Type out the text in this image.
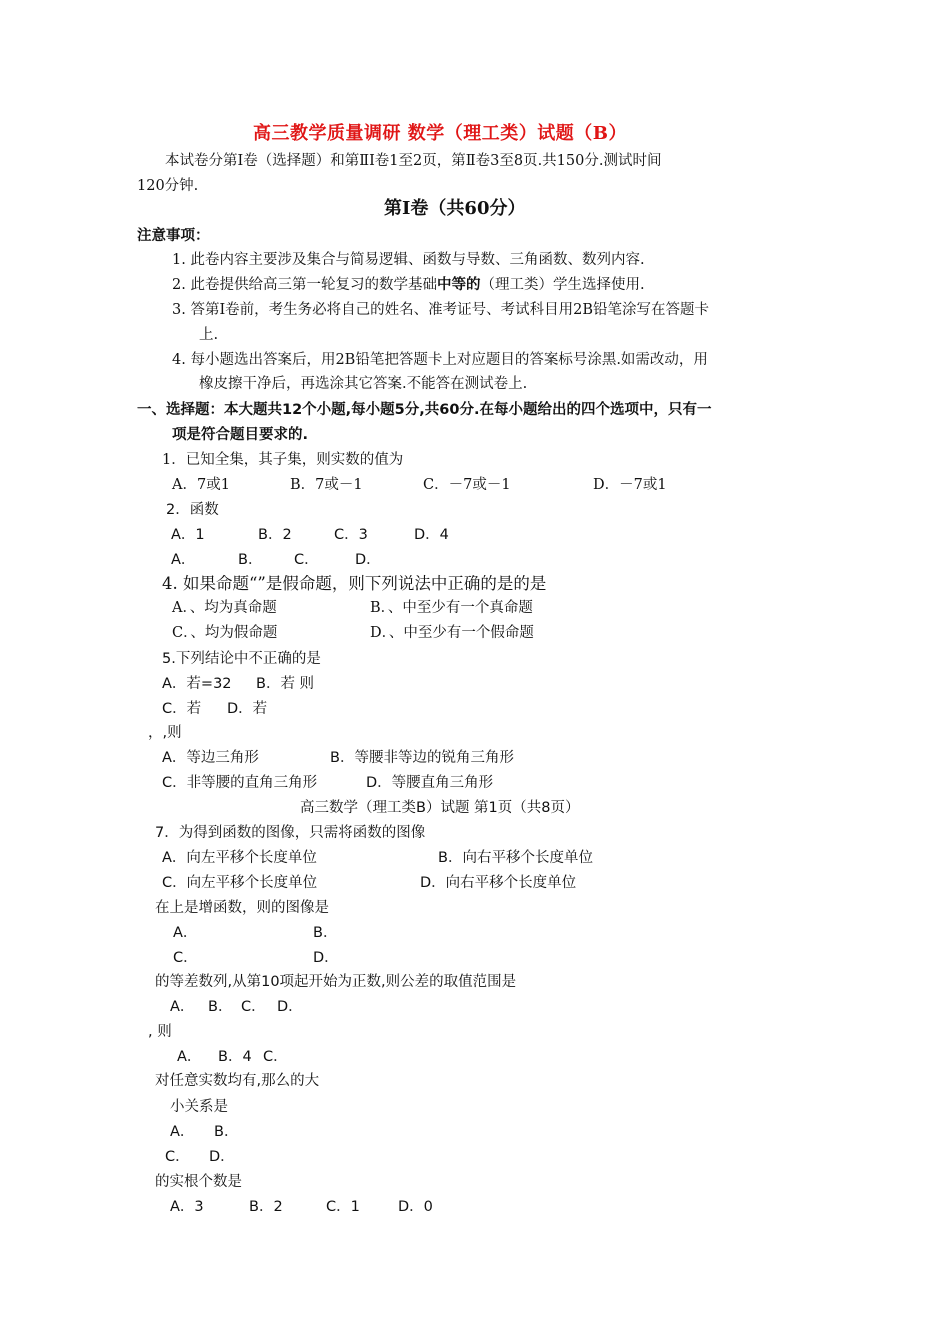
高三教学质量调研 数学（理工类）试题（B）
本试卷分第Ⅰ卷（选择题）和第ⅡⅠ卷1至2页，第Ⅱ卷3至8页.共150分.测试时间
120分钟.
第Ⅰ卷（共60分）
注意事项：
1. 此卷内容主要涉及集合与简易逻辑、函数与导数、三角函数、数列内容.
2. 此卷提供给高三第一轮复习的数学基础中等的（理工类）学生选择使用.
3. 答第Ⅰ卷前，考生务必将自己的姓名、准考证号、考试科目用2B铅笔涂写在答题卡
上.
4. 每小题选出答案后，用2B铅笔把答题卡上对应题目的答案标号涂黑.如需改动，用
橡皮擦干净后，再选涂其它答案.不能答在测试卷上.
一、选择题：本大题共12个小题,每小题5分,共60分.在每小题给出的四个选项中，只有一
项是符合题目要求的.
1．已知全集，其子集，则实数的值为
A．7或1	B．7或－1	C．－7或－1	D．－7或1
2．函数
A．1	B．2	C．3	D．4
A．	B． C．	D．
4. 如果命题“”是假命题，则下列说法中正确的是的是
A．、均为真命题	B．、中至少有一个真命题
C．、均为假命题	D．、中至少有一个假命题
5.下列结论中不正确的是
A．若=32 B．若 则
C．若 D．若
，,则
A．等边三角形	B．等腰非等边的锐角三角形
C．非等腰的直角三角形	D．等腰直角三角形
高三数学（理工类B）试题 第1页（共8页）
7．为得到函数的图像，只需将函数的图像
A．向左平移个长度单位	B．向右平移个长度单位
C．向左平移个长度单位	D．向右平移个长度单位
在上是增函数，则的图像是
A．	B．
C．	D．
的等差数列,从第10项起开始为正数,则公差的取值范围是
A． B． C． D．
, 则
A． B．4 C．
对任意实数均有,那么的大
小关系是
A． B．
C． D．
的实根个数是
A．3	B．2	C．1	D．0
